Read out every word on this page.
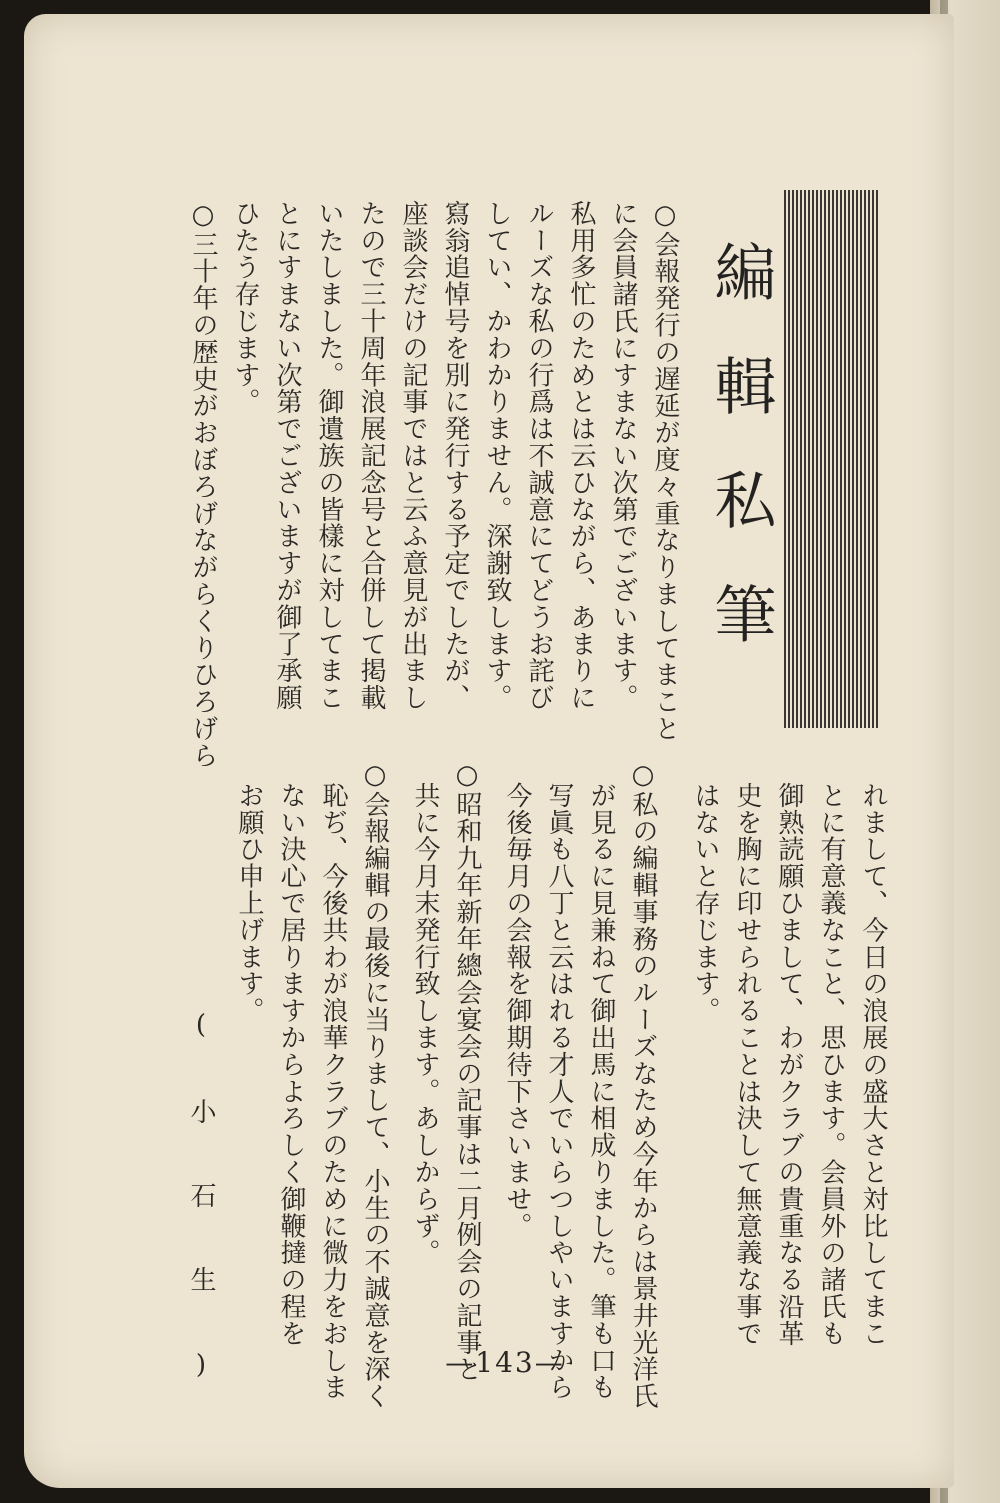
編輯私筆

○会報発行の遅延が度々重なりましてまこと

に会員諸氏にすまない次第でございます。

私用多忙のためとは云ひながら、あまりに

ルーズな私の行爲は不誠意にてどうお詫び

してい、かわかりません。深謝致します。

寫翁追悼号を別に発行する予定でしたが、

座談会だけの記事ではと云ふ意見が出まし

たので三十周年浪展記念号と合併して掲載

いたしました。御遺族の皆樣に対してまこ

とにすまない次第でございますが御了承願

ひたう存じます。

○三十年の歴史がおぼろげながらくりひろげら

れまして、今日の浪展の盛大さと対比してまこ

とに有意義なこと、思ひます。会員外の諸氏も

御熟読願ひまして、わがクラブの貴重なる沿革

史を胸に印せられることは決して無意義な事で

はないと存じます。

○私の編輯事務のルーズなため今年からは景井光洋氏

が見るに見兼ねて御出馬に相成りました。筆も口も

写眞も八丁と云はれる才人でいらつしやいますから

今後毎月の会報を御期待下さいませ。

○昭和九年新年總会宴会の記事は二月例会の記事と

共に今月末発行致します。あしからず。

○会報編輯の最後に当りまして、小生の不誠意を深く

恥ぢ、今後共わが浪華クラブのために微力をおしま

ない決心で居りますからよろしく御鞭撻の程を

お願ひ申上げます。

(小石生)	—143—
